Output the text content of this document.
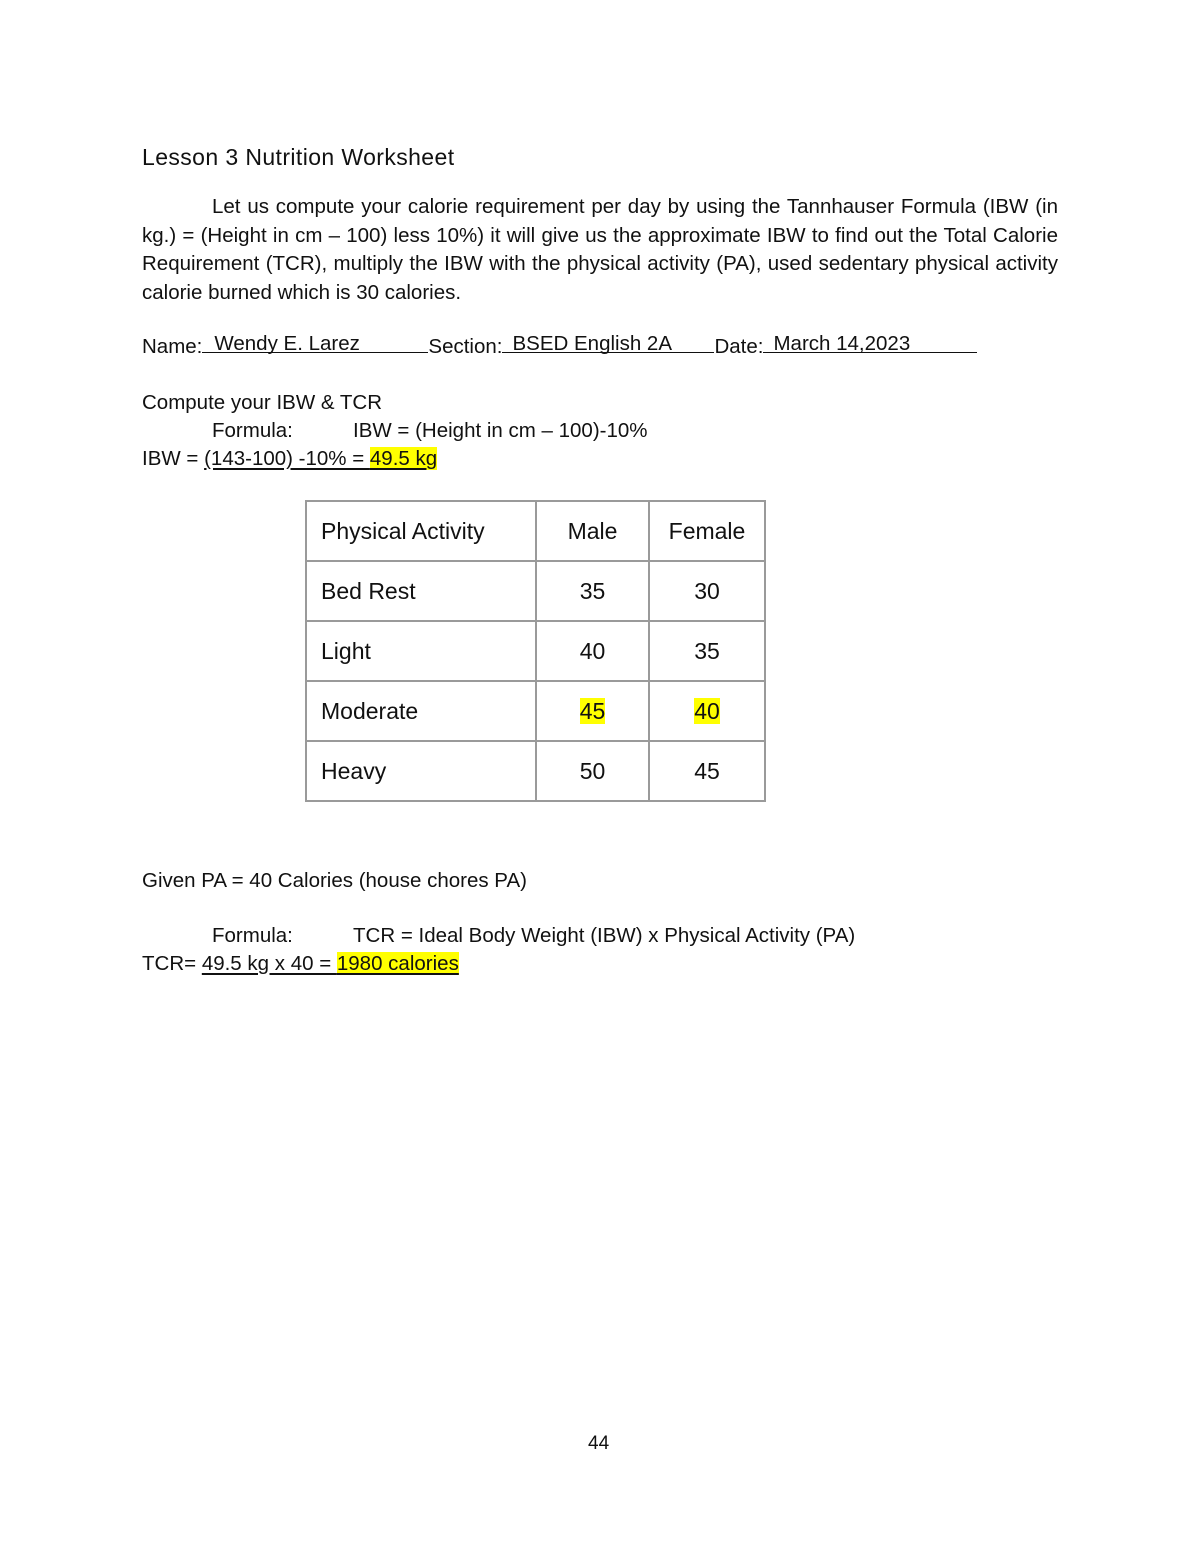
Lesson 3 Nutrition Worksheet
Let us compute your calorie requirement per day by using the Tannhauser Formula (IBW (in kg.) = (Height in cm – 100) less 10%) it will give us the approximate IBW to find out the Total Calorie Requirement (TCR), multiply the IBW with the physical activity (PA), used sedentary physical activity calorie burned which is 30 calories.
Name: Wendy E. Larez	Section: BSED English 2A Date: March 14,2023
Compute your IBW & TCR
Formula:	IBW = (Height in cm – 100)-10%
IBW = (143-100) -10% = 49.5 kg
Physical Activity	Male	Female
Bed Rest	35	30
Light	40	35
Moderate	45	40
Heavy	50	45
Given PA = 40 Calories (house chores PA)
Formula:	TCR = Ideal Body Weight (IBW) x Physical Activity (PA)
TCR= 49.5 kg x 40 = 1980 calories
44
